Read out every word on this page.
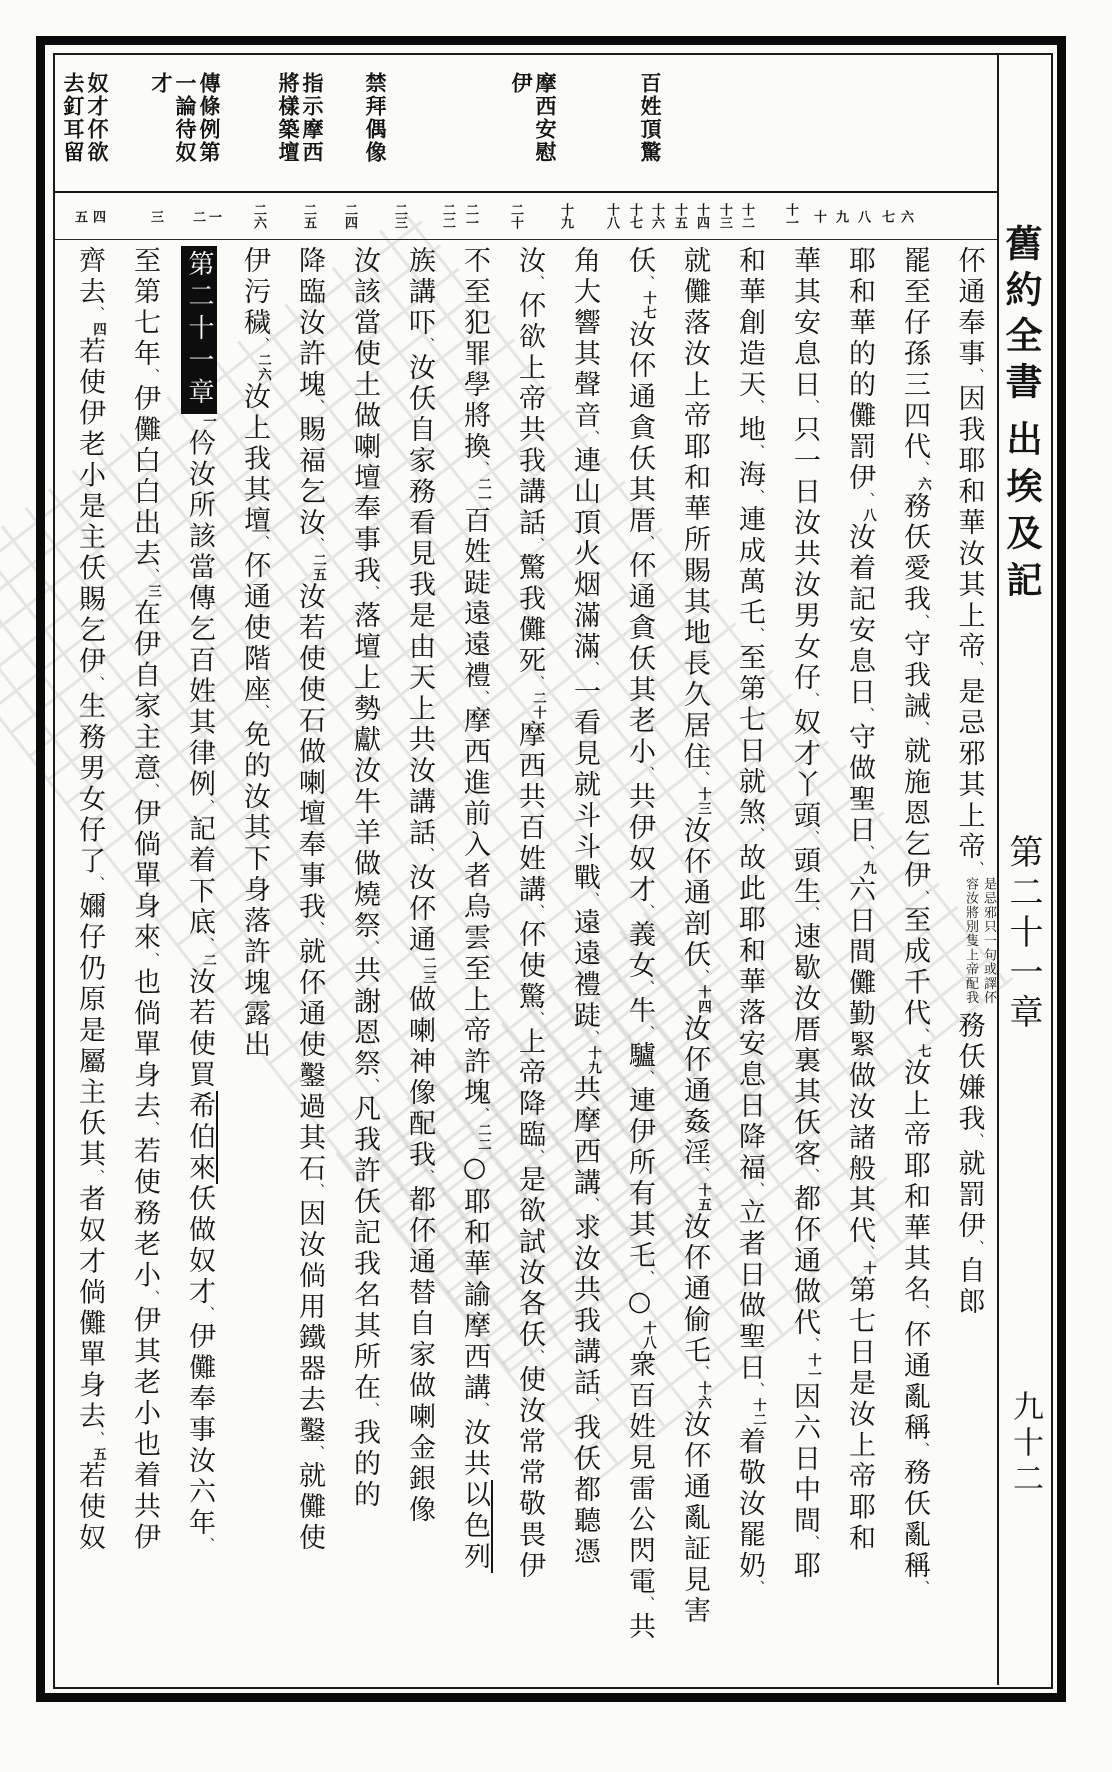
舊約全書
出埃及記
第二十一章
九十二
百姓頂驚
摩西安慰伊
禁拜偶像
指示摩西將樣築壇
傳條例第一論待奴才
奴才伓欲去釘耳留
六
七
八
九
十
十一
十二
十三
十四
十五
十六
十七
十八
十九
二十
二一
二二
二三
二四
二五
二六
一
二
三
四
五
伓通奉事、因我耶和華汝其上帝、是忌邪其上帝、是忌邪只一句或譯伓容汝將別隻上帝配我務仸嫌我、就罰伊、自郎
罷至仔孫三四代、六務仸愛我、守我誡、就施恩乞伊、至成千代、七汝上帝耶和華其名、伓通亂稱、務仸亂稱、
耶和華的的儺罰伊、八汝着記安息日、守做聖日、九六日間儺勤緊做汝諸般其代、十第七日是汝上帝耶和
華其安息日、只一日汝共汝男女仔、奴才丫頭、頭生、速歇汝厝裏其仸客、都伓通做代、十一因六日中間、耶
和華創造天、地、海、連成萬乇、至第七日就煞、故此耶和華落安息日降福、立者日做聖日、十二着敬汝罷奶、
就儺落汝上帝耶和華所賜其地長久居住、十三汝伓通剖仸、十四汝伓通姦淫、十五汝伓通偷乇、十六汝伓通亂証見害
仸、十七汝伓通貪仸其厝、伓通貪仸其老小、共伊奴才、義女、牛、驢、連伊所有其乇、○十八衆百姓見雷公閃電、共
角大響其聲音、連山頂火烟滿滿、一看見就斗斗戰、遠遠禮跿、十九共摩西講、求汝共我講話、我仸都聽憑
汝、伓欲上帝共我講話、驚我儺死、二十摩西共百姓講、伓使驚、上帝降臨、是欲試汝各仸、使汝常常敬畏伊
不至犯罪學將換、二一百姓跿遠遠禮、摩西進前入者烏雲至上帝許塊、二二○耶和華諭摩西講、汝共以色列
族講吓、汝仸自家務看見我是由天上共汝講話、汝伓通二三做喇神像配我、都伓通替自家做喇金銀像
汝該當使土做喇壇奉事我、落壇上勢獻汝牛羊做燒祭、共謝恩祭、凡我許仸記我名其所在、我的的
降臨汝許塊、賜福乞汝、二五汝若使使石做喇壇奉事我、就伓通使鑿過其石、因汝倘用鐵器去鑿、就儺使
伊污穢、二六汝上我其壇、伓通使階座、免的汝其下身落許塊露出
第二十一章一仱汝所該當傳乞百姓其律例、記着下底、二汝若使買希伯來仸做奴才、伊儺奉事汝六年、
至第七年、伊儺白白出去、三在伊自家主意、伊倘單身來、也倘單身去、若使務老小、伊其老小也着共伊
齊去、四若使伊老小是主仸賜乞伊、生務男女仔了、嬭仔仍原是屬主仸其、者奴才倘儺單身去、五若使奴
